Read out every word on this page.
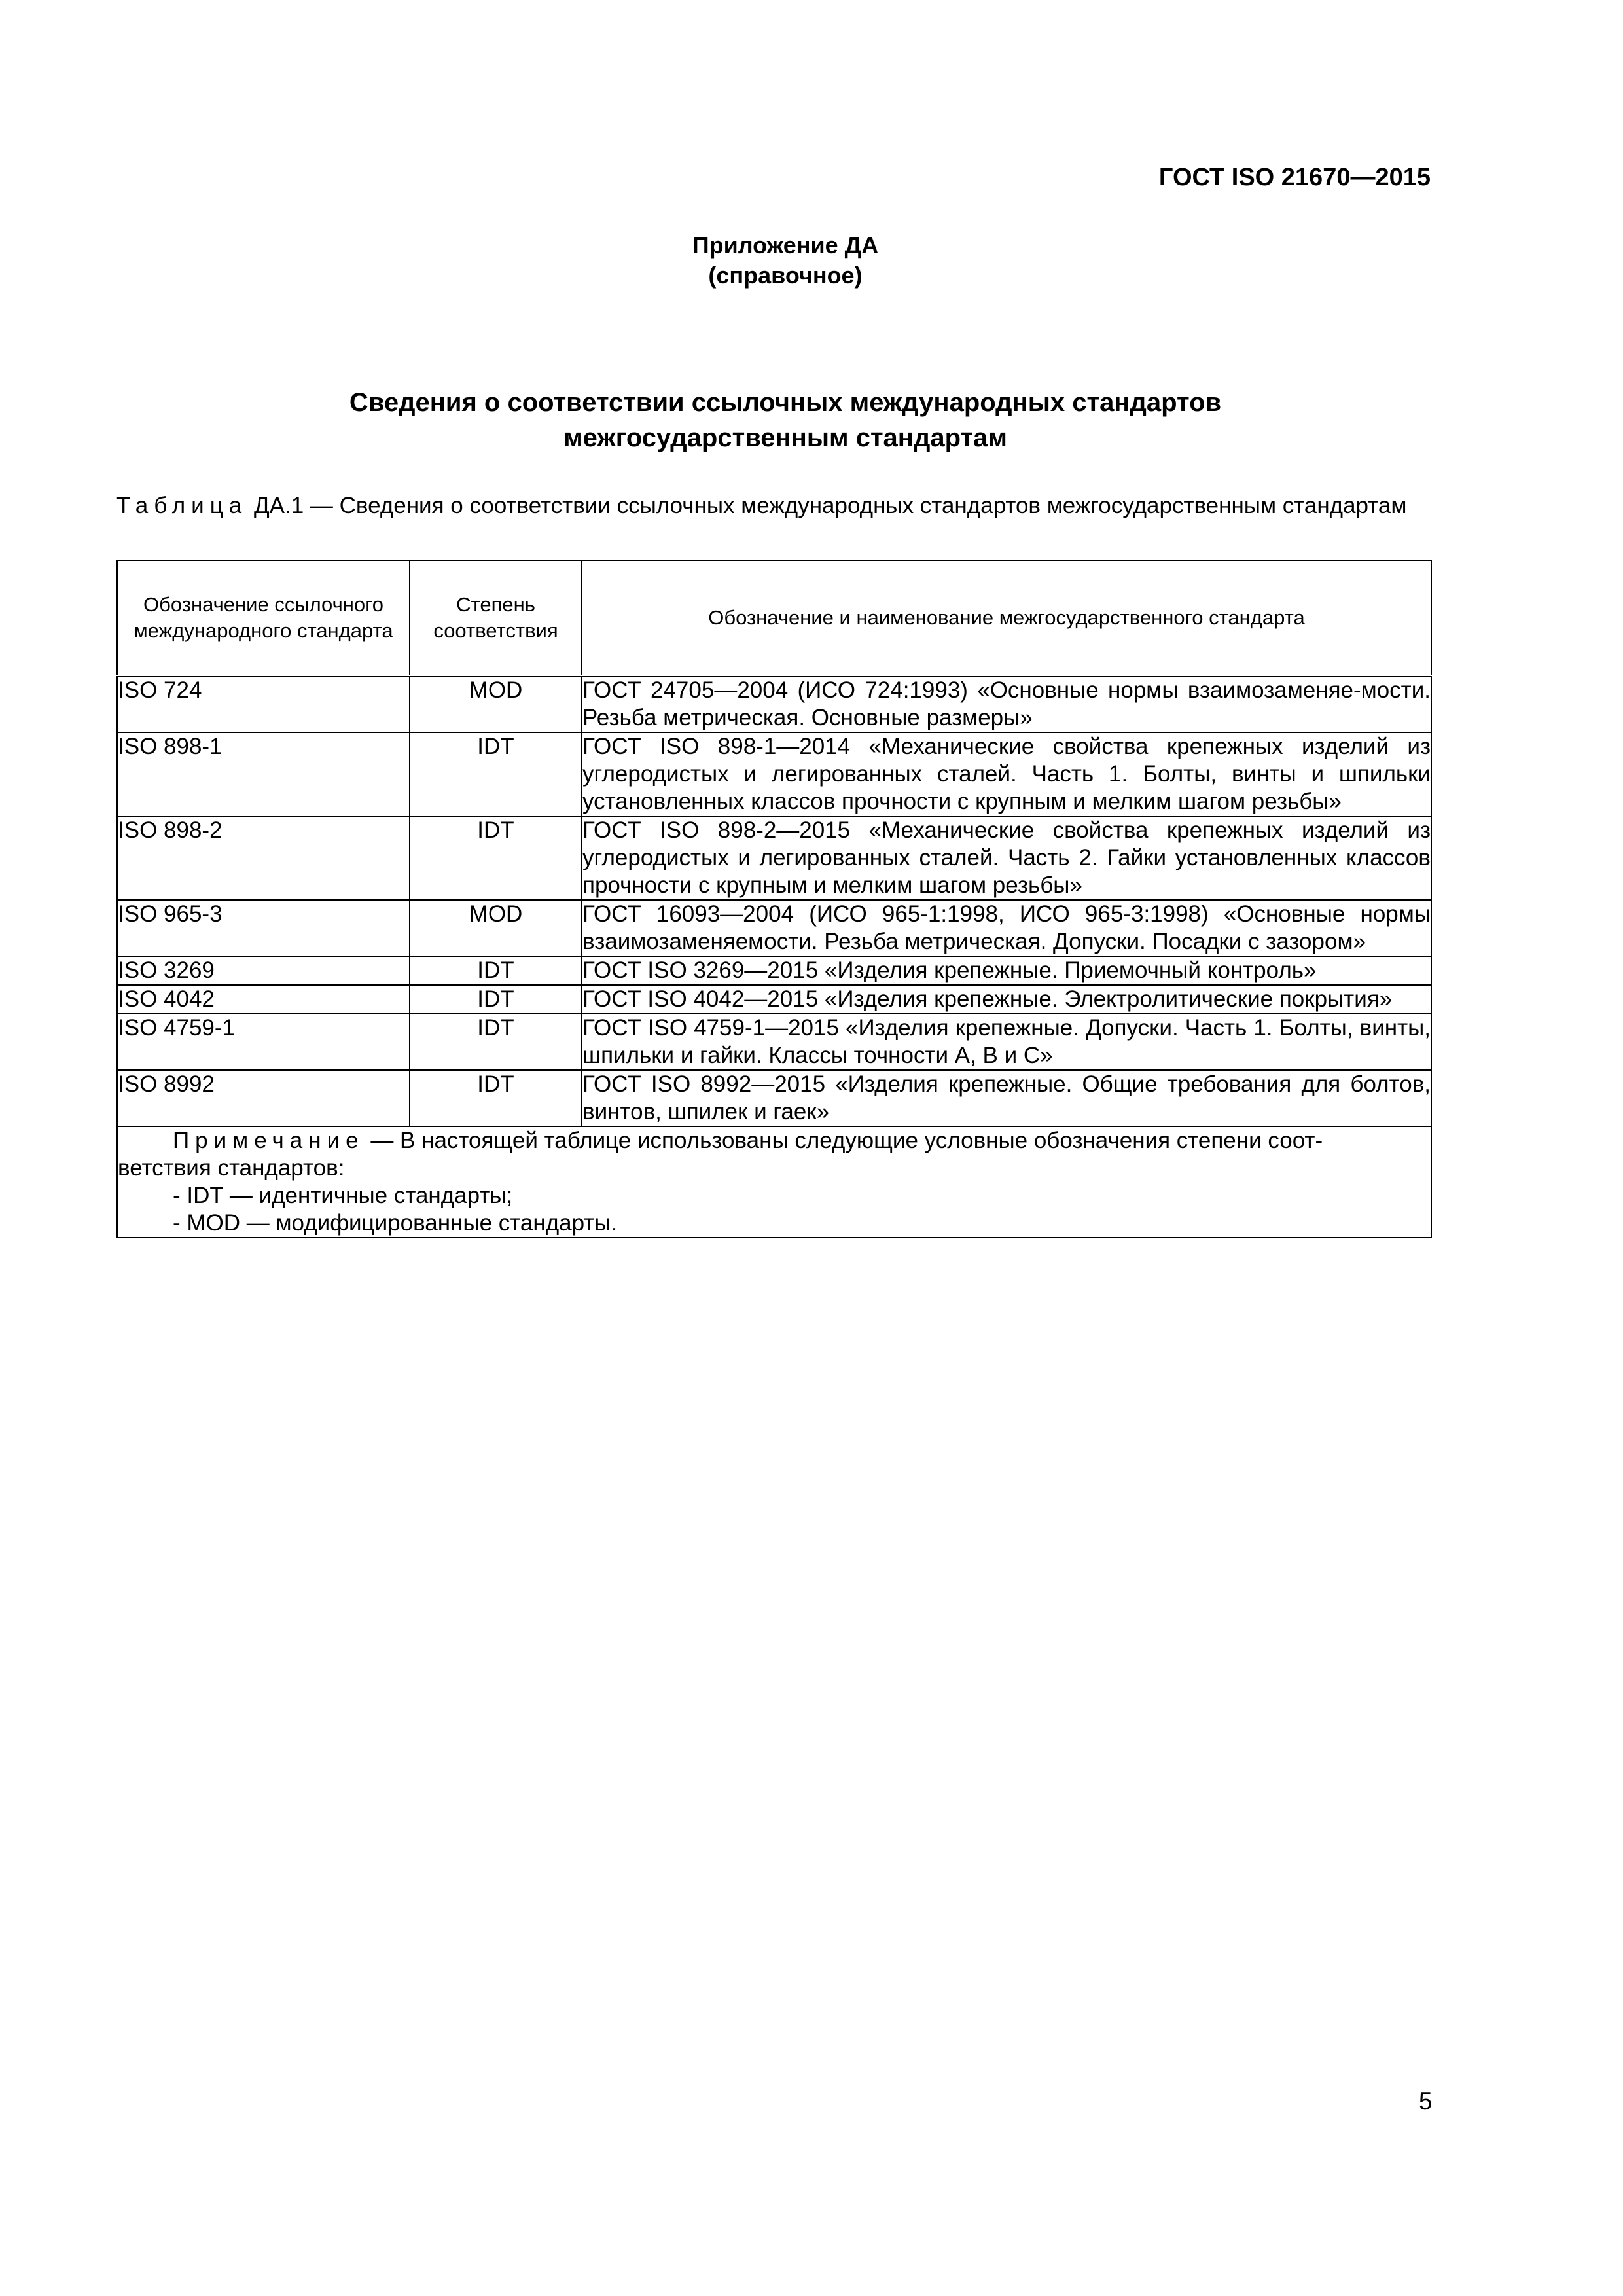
ГОСТ ISO 21670—2015
Приложение ДА
(справочное)
Сведения о соответствии ссылочных международных стандартов
межгосударственным стандартам
Таблица ДА.1 — Сведения о соответствии ссылочных международных стандартов межгосударственным стандартам
Обозначение ссылочного международного стандарта	Степень соответствия	Обозначение и наименование межгосударственного стандарта
ISO 724	MOD	ГОСТ 24705—2004 (ИСО 724:1993) «Основные нормы взаимозаменяе-мости. Резьба метрическая. Основные размеры»
ISO 898-1	IDT	ГОСТ ISO 898-1—2014 «Механические свойства крепежных изделий из углеродистых и легированных сталей. Часть 1. Болты, винты и шпильки установленных классов прочности с крупным и мелким шагом резьбы»
ISO 898-2	IDT	ГОСТ ISO 898-2—2015 «Механические свойства крепежных изделий из углеродистых и легированных сталей. Часть 2. Гайки установленных классов прочности с крупным и мелким шагом резьбы»
ISO 965-3	MOD	ГОСТ 16093—2004 (ИСО 965-1:1998, ИСО 965-3:1998) «Основные нормы взаимозаменяемости. Резьба метрическая. Допуски. Посадки с зазором»
ISO 3269	IDT	ГОСТ ISO 3269—2015 «Изделия крепежные. Приемочный контроль»
ISO 4042	IDT	ГОСТ ISO 4042—2015 «Изделия крепежные. Электролитические покрытия»
ISO 4759-1	IDT	ГОСТ ISO 4759-1—2015 «Изделия крепежные. Допуски. Часть 1. Болты, винты, шпильки и гайки. Классы точности А, В и С»
ISO 8992	IDT	ГОСТ ISO 8992—2015 «Изделия крепежные. Общие требования для болтов, винтов, шпилек и гаек»

Примечание — В настоящей таблице использованы следующие условные обозначения степени соот-
ветствия стандартов:
- IDT — идентичные стандарты;
- MOD — модифицированные стандарты.		
5
